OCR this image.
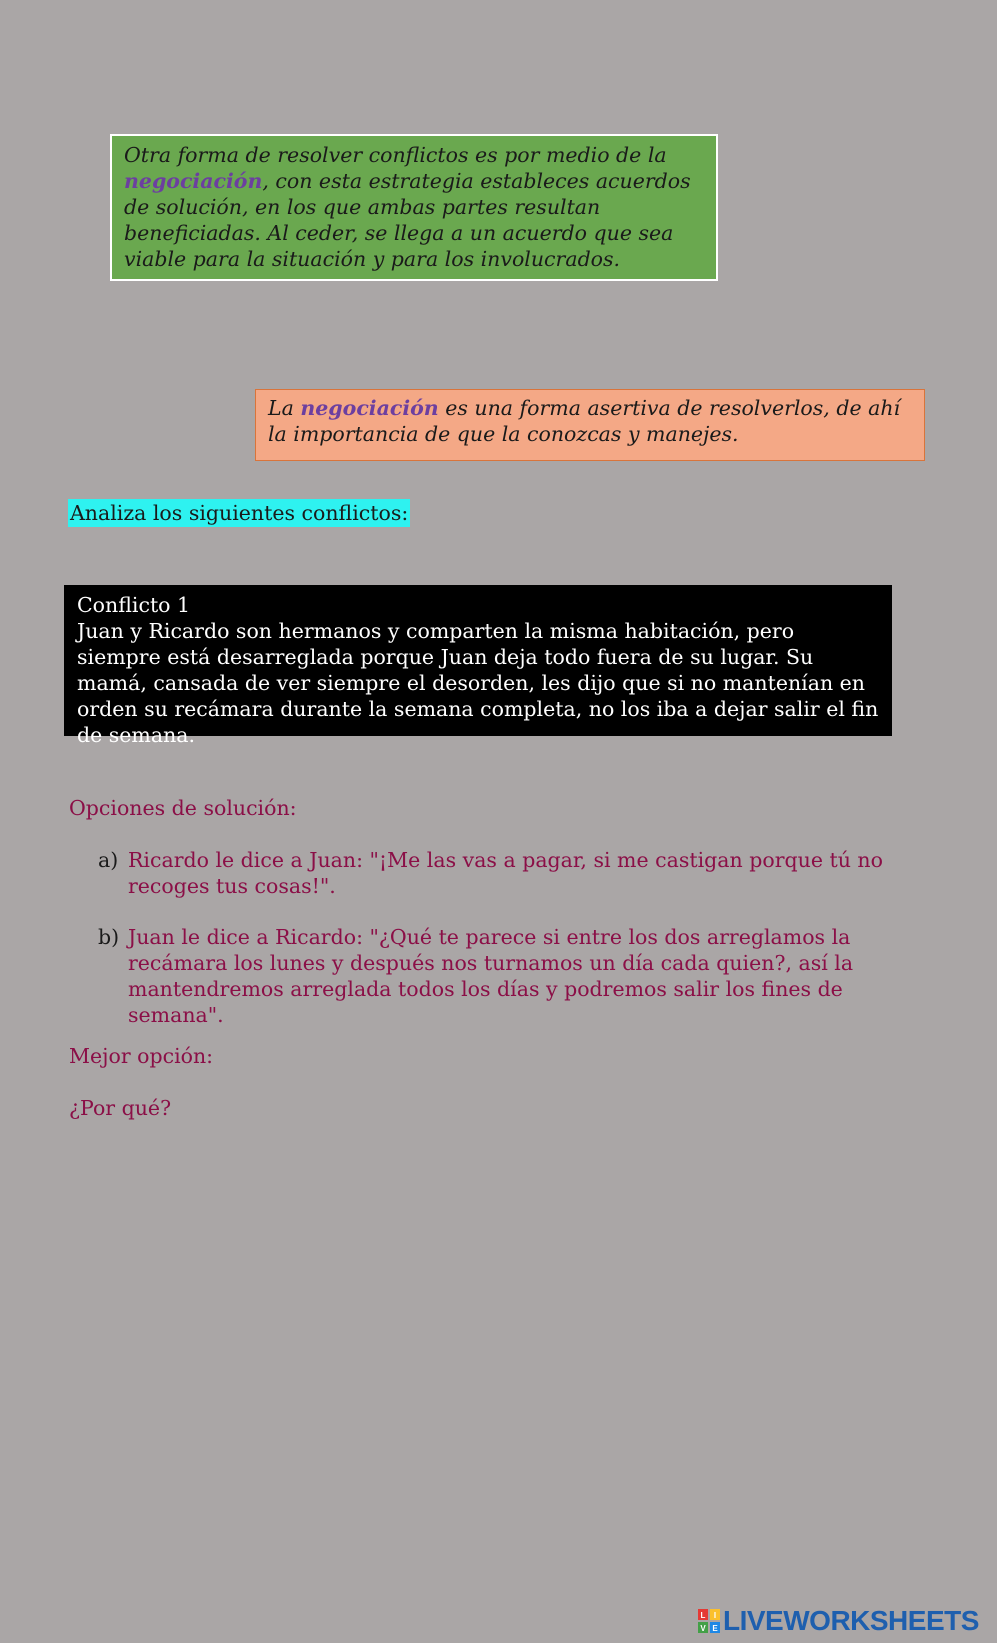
Otra forma de resolver conflictos es por medio de la negociación, con esta estrategia estableces acuerdos de solución, en los que ambas partes resultan beneficiadas. Al ceder, se llega a un acuerdo que sea viable para la situación y para los involucrados.
La negociación es una forma asertiva de resolverlos, de ahí la importancia de que la conozcas y manejes.
Analiza los siguientes conflictos:
Conflicto 1
Juan y Ricardo son hermanos y comparten la misma habitación, pero siempre está desarreglada porque Juan deja todo fuera de su lugar. Su mamá, cansada de ver siempre el desorden, les dijo que si no mantenían en orden su recámara durante la semana completa, no los iba a dejar salir el fin de semana.
Opciones de solución:
a) Ricardo le dice a Juan: "¡Me las vas a pagar, si me castigan porque tú no recoges tus cosas!".
b) Juan le dice a Ricardo: "¿Qué te parece si entre los dos arreglamos la recámara los lunes y después nos turnamos un día cada quien?, así la mantendremos arreglada todos los días y podremos salir los fines de semana".
Mejor opción:
¿Por qué?
L I
V E LIVEWORKSHEETS
